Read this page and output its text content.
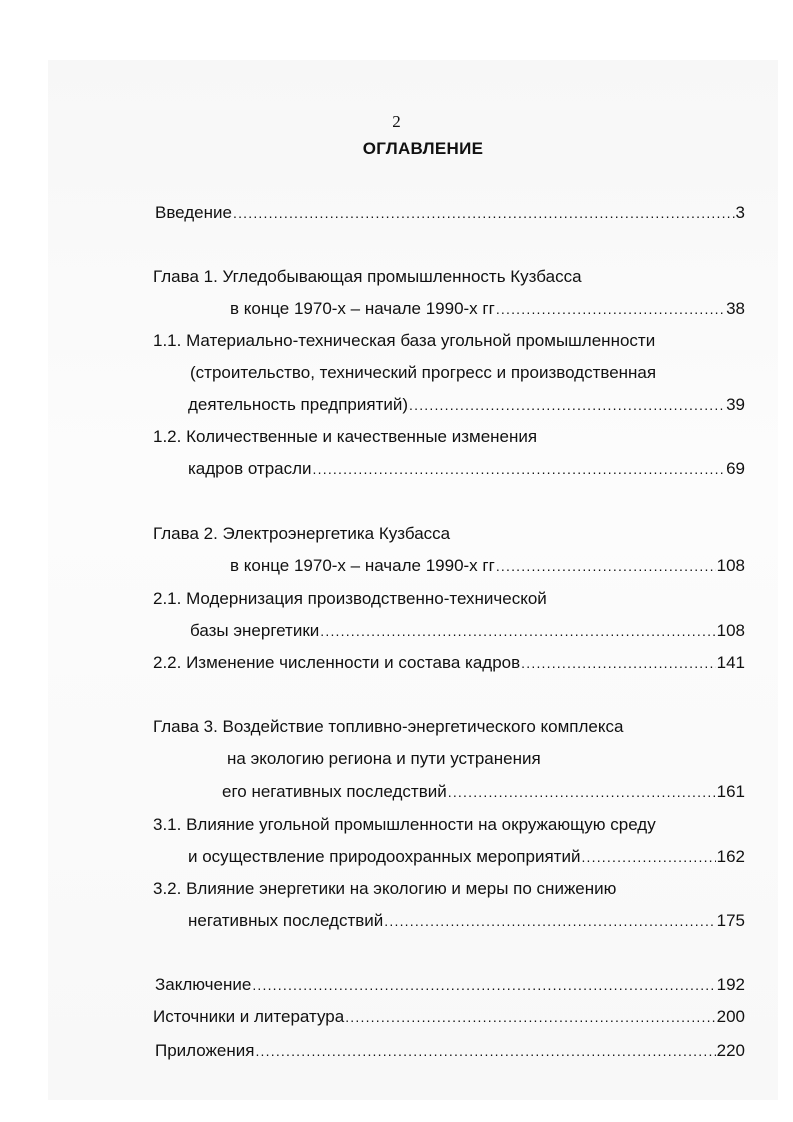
2
ОГЛАВЛЕНИЕ
Введение .....	3
Глава 1. Угледобывающая промышленность Кузбасса
в конце 1970-х – начале 1990-х гг .....	38
1.1. Материально-техническая база угольной промышленности
(строительство, технический прогресс и производственная
деятельность предприятий) .....	39
1.2. Количественные и качественные изменения
кадров отрасли .....	69
Глава 2. Электроэнергетика Кузбасса
в конце 1970-х – начале 1990-х гг .....	108
2.1. Модернизация производственно-технической
базы энергетики .....	108
2.2. Изменение численности и состава кадров .....	141
Глава 3. Воздействие топливно-энергетического комплекса
на экологию региона и пути устранения
его негативных последствий .....	161
3.1. Влияние угольной промышленности на окружающую среду
и осуществление природоохранных мероприятий .....	162
3.2. Влияние энергетики на экологию и меры по снижению
негативных последствий .....	175
Заключение .....	192
Источники и литература .....	200
Приложения .....	220
